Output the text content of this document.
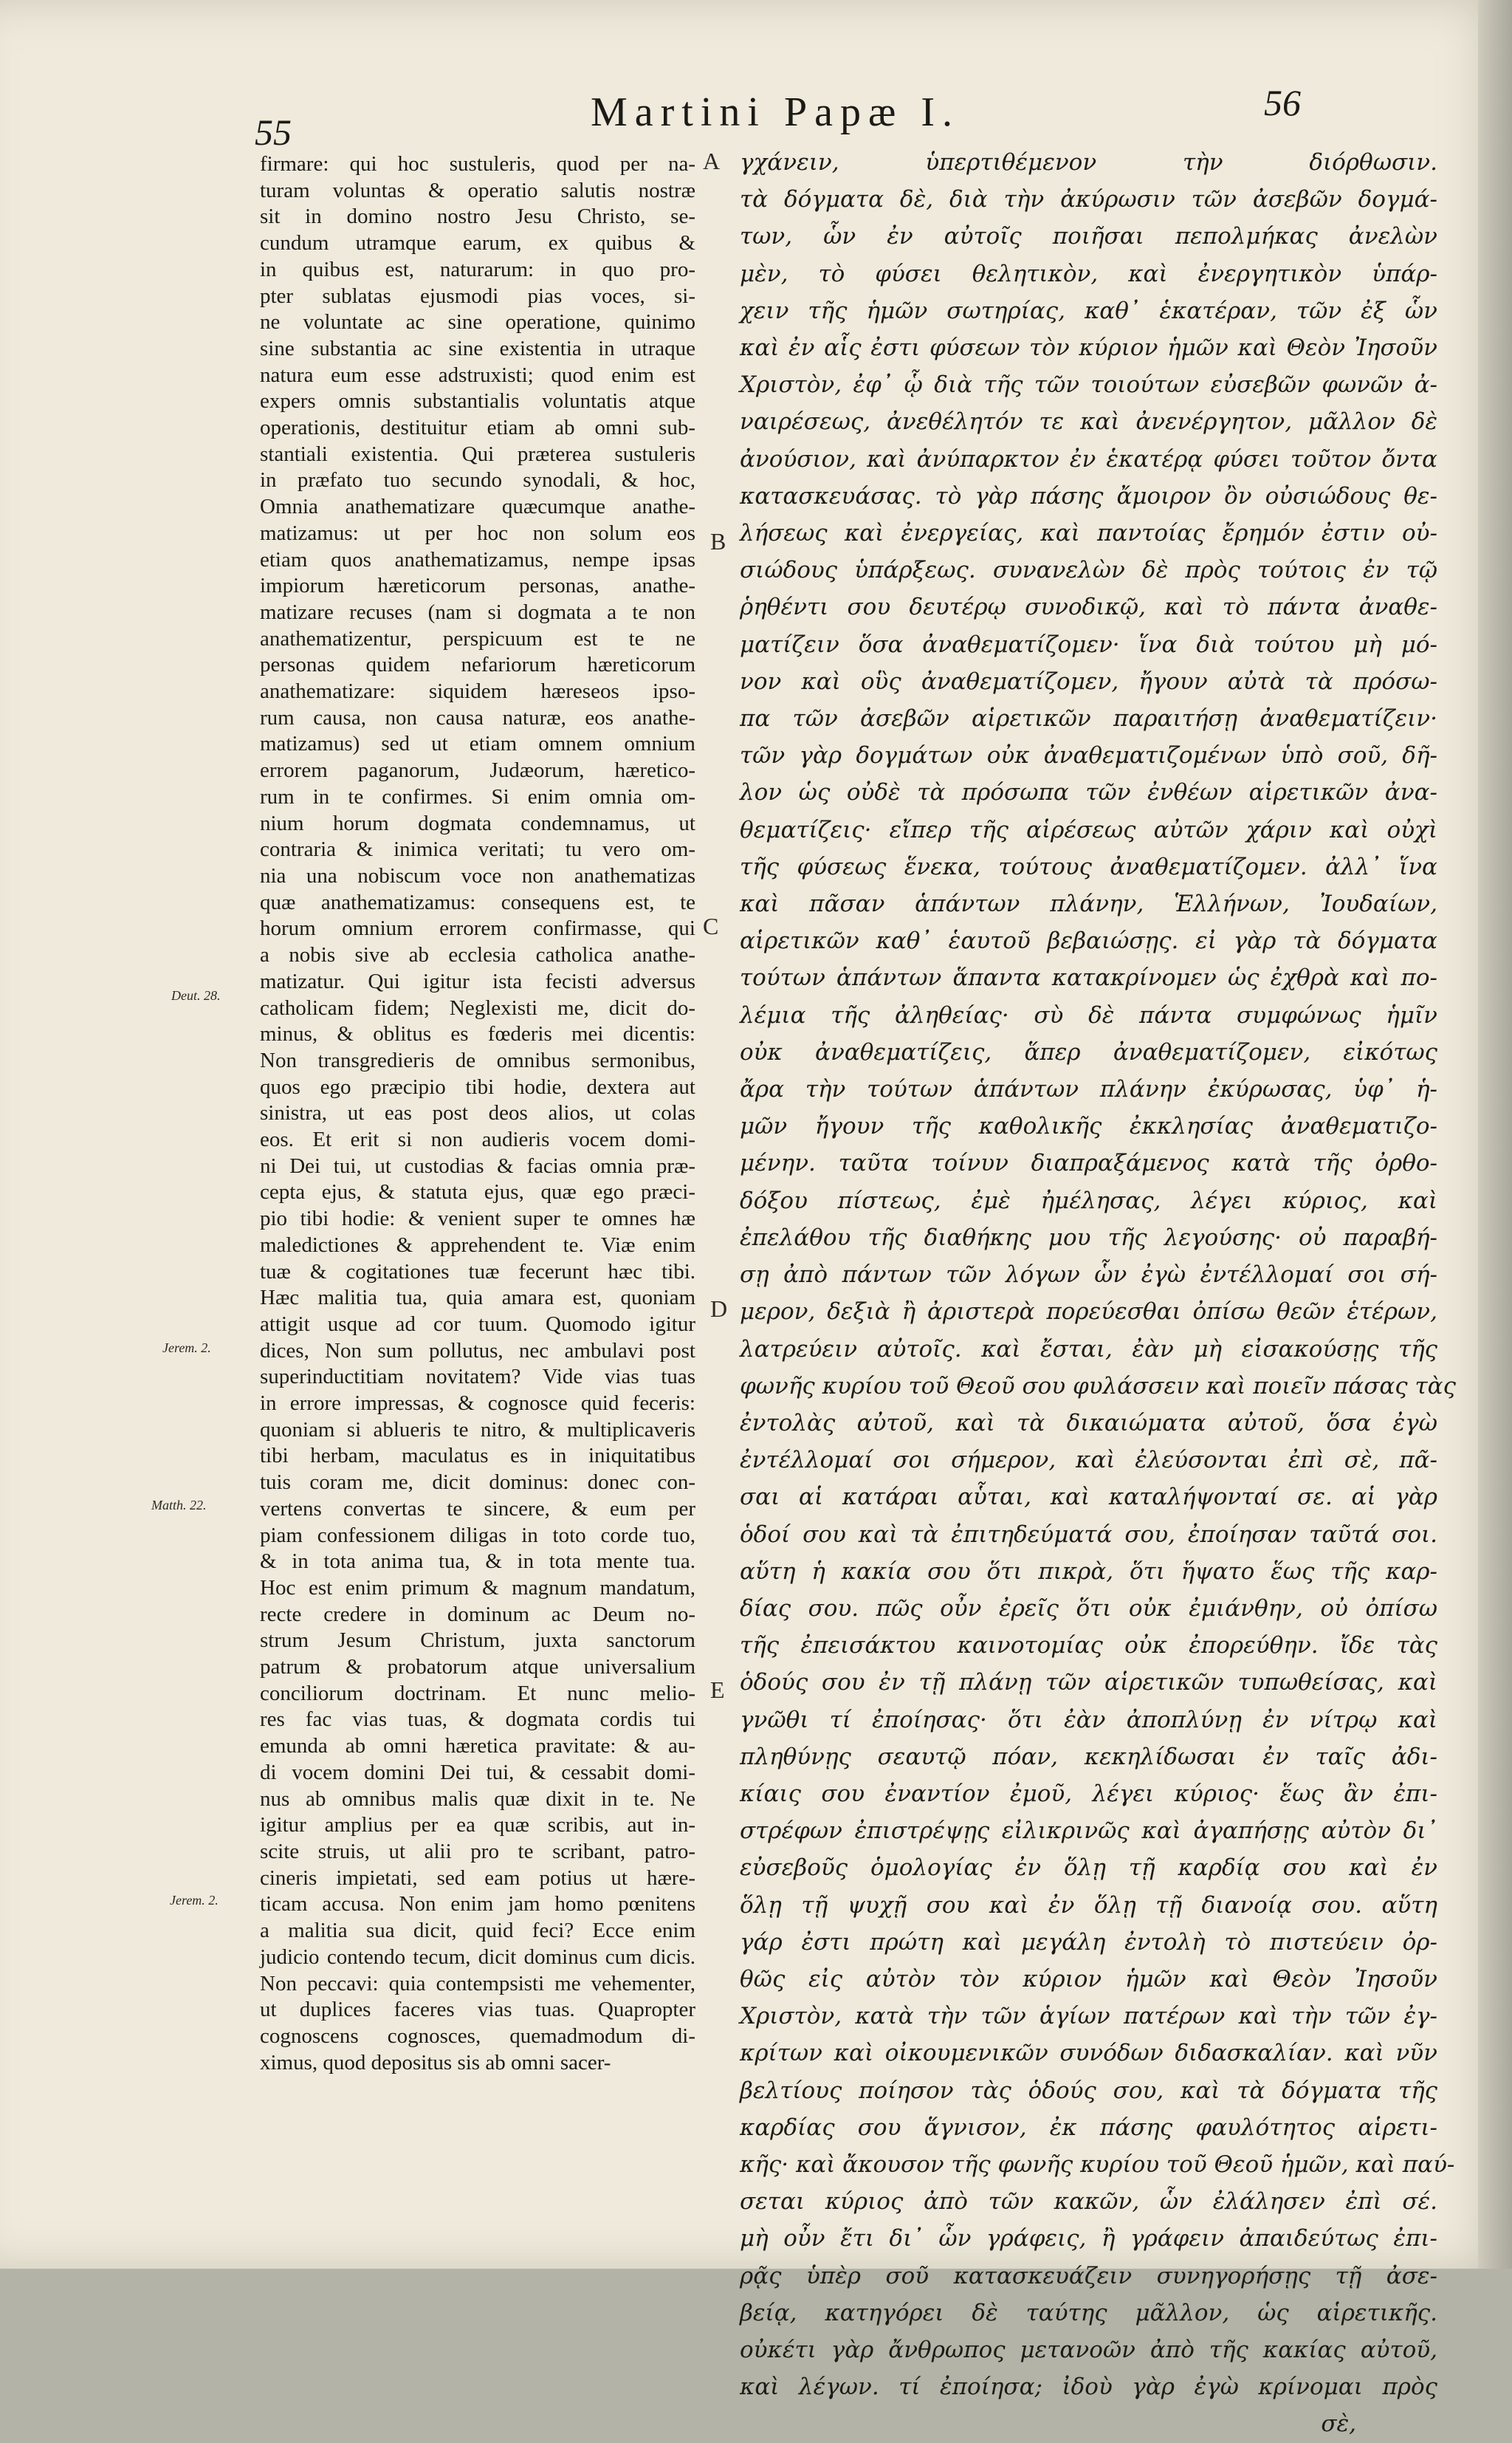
55	Martini Papæ I.	56
firmare: qui hoc sustuleris, quod per na-
turam voluntas & operatio salutis nostræ
sit in domino nostro Jesu Christo, se-
cundum utramque earum, ex quibus &
in quibus est, naturarum: in quo pro-
pter sublatas ejusmodi pias voces, si-
ne voluntate ac sine operatione, quinimo
sine substantia ac sine existentia in utraque
natura eum esse adstruxisti; quod enim est
expers omnis substantialis voluntatis atque
operationis, destituitur etiam ab omni sub-
stantiali existentia. Qui præterea sustuleris
in præfato tuo secundo synodali, & hoc,
Omnia anathematizare quæcumque anathe-
matizamus: ut per hoc non solum eos
etiam quos anathematizamus, nempe ipsas
impiorum hæreticorum personas, anathe-
matizare recuses (nam si dogmata a te non
anathematizentur, perspicuum est te ne
personas quidem nefariorum hæreticorum
anathematizare: siquidem hæreseos ipso-
rum causa, non causa naturæ, eos anathe-
matizamus) sed ut etiam omnem omnium
errorem paganorum, Judæorum, hæretico-
rum in te confirmes. Si enim omnia om-
nium horum dogmata condemnamus, ut
contraria & inimica veritati; tu vero om-
nia una nobiscum voce non anathematizas
quæ anathematizamus: consequens est, te
horum omnium errorem confirmasse, qui
a nobis sive ab ecclesia catholica anathe-
matizatur. Qui igitur ista fecisti adversus
catholicam fidem; Neglexisti me, dicit do-
minus, & oblitus es fœderis mei dicentis:
Non transgredieris de omnibus sermonibus,
quos ego præcipio tibi hodie, dextera aut
sinistra, ut eas post deos alios, ut colas
eos. Et erit si non audieris vocem domi-
ni Dei tui, ut custodias & facias omnia præ-
cepta ejus, & statuta ejus, quæ ego præci-
pio tibi hodie: & venient super te omnes hæ
maledictiones & apprehendent te. Viæ enim
tuæ & cogitationes tuæ fecerunt hæc tibi.
Hæc malitia tua, quia amara est, quoniam
attigit usque ad cor tuum. Quomodo igitur
dices, Non sum pollutus, nec ambulavi post
superinductitiam novitatem? Vide vias tuas
in errore impressas, & cognosce quid feceris:
quoniam si ablueris te nitro, & multiplicaveris
tibi herbam, maculatus es in iniquitatibus
tuis coram me, dicit dominus: donec con-
vertens convertas te sincere, & eum per
piam confessionem diligas in toto corde tuo,
& in tota anima tua, & in tota mente tua.
Hoc est enim primum & magnum mandatum,
recte credere in dominum ac Deum no-
strum Jesum Christum, juxta sanctorum
patrum & probatorum atque universalium
conciliorum doctrinam. Et nunc melio-
res fac vias tuas, & dogmata cordis tui
emunda ab omni hæretica pravitate: & au-
di vocem domini Dei tui, & cessabit domi-
nus ab omnibus malis quæ dixit in te. Ne
igitur amplius per ea quæ scribis, aut in-
scite struis, ut alii pro te scribant, patro-
cineris impietati, sed eam potius ut hære-
ticam accusa. Non enim jam homo pœnitens
a malitia sua dicit, quid feci? Ecce enim
judicio contendo tecum, dicit dominus cum dicis.
Non peccavi: quia contempsisti me vehementer,
ut duplices faceres vias tuas. Quapropter
cognoscens cognosces, quemadmodum di-
ximus, quod depositus sis ab omni sacer-
γχάνειν, ὑπερτιθέμενον τὴν διόρθωσιν.
τὰ δόγματα δὲ, διὰ τὴν ἀκύρωσιν τῶν ἀσεβῶν δογμά-
των, ὧν ἐν αὐτοῖς ποιῆσαι πεπολμήκας ἀνελὼν
μὲν, τὸ φύσει θελητικὸν, καὶ ἐνεργητικὸν ὑπάρ-
χειν τῆς ἡμῶν σωτηρίας, καθ᾽ ἑκατέραν, τῶν ἐξ ὧν
καὶ ἐν αἷς ἐστι φύσεων τὸν κύριον ἡμῶν καὶ Θεὸν Ἰησοῦν
Χριστὸν, ἐφ᾽ ᾧ διὰ τῆς τῶν τοιούτων εὐσεβῶν φωνῶν ἀ-
ναιρέσεως, ἀνεθέλητόν τε καὶ ἀνενέργητον, μᾶλλον δὲ
ἀνούσιον, καὶ ἀνύπαρκτον ἐν ἑκατέρᾳ φύσει τοῦτον ὄντα
κατασκευάσας. τὸ γὰρ πάσης ἄμοιρον ὂν οὐσιώδους θε-
λήσεως καὶ ἐνεργείας, καὶ παντοίας ἔρημόν ἐστιν οὐ-
σιώδους ὑπάρξεως. συνανελὼν δὲ πρὸς τούτοις ἐν τῷ
ῥηθέντι σου δευτέρῳ συνοδικῷ, καὶ τὸ πάντα ἀναθε-
ματίζειν ὅσα ἀναθεματίζομεν· ἵνα διὰ τούτου μὴ μό-
νον καὶ οὓς ἀναθεματίζομεν, ἤγουν αὐτὰ τὰ πρόσω-
πα τῶν ἀσεβῶν αἱρετικῶν παραιτήσῃ ἀναθεματίζειν·
τῶν γὰρ δογμάτων οὐκ ἀναθεματιζομένων ὑπὸ σοῦ, δῆ-
λον ὡς οὐδὲ τὰ πρόσωπα τῶν ἐνθέων αἱρετικῶν ἀνα-
θεματίζεις· εἴπερ τῆς αἱρέσεως αὐτῶν χάριν καὶ οὐχὶ
τῆς φύσεως ἕνεκα, τούτους ἀναθεματίζομεν. ἀλλ᾽ ἵνα
καὶ πᾶσαν ἁπάντων πλάνην, Ἑλλήνων, Ἰουδαίων,
αἱρετικῶν καθ᾽ ἑαυτοῦ βεβαιώσῃς. εἰ γὰρ τὰ δόγματα
τούτων ἁπάντων ἅπαντα κατακρίνομεν ὡς ἐχθρὰ καὶ πο-
λέμια τῆς ἀληθείας· σὺ δὲ πάντα συμφώνως ἡμῖν
οὐκ ἀναθεματίζεις, ἅπερ ἀναθεματίζομεν, εἰκότως
ἄρα τὴν τούτων ἁπάντων πλάνην ἐκύρωσας, ὑφ᾽ ἡ-
μῶν ἤγουν τῆς καθολικῆς ἐκκλησίας ἀναθεματιζο-
μένην. ταῦτα τοίνυν διαπραξάμενος κατὰ τῆς ὀρθο-
δόξου πίστεως, ἐμὲ ἠμέλησας, λέγει κύριος, καὶ
ἐπελάθου τῆς διαθήκης μου τῆς λεγούσης· οὐ παραβή-
σῃ ἀπὸ πάντων τῶν λόγων ὧν ἐγὼ ἐντέλλομαί σοι σή-
μερον, δεξιὰ ἢ ἀριστερὰ πορεύεσθαι ὀπίσω θεῶν ἑτέρων,
λατρεύειν αὐτοῖς. καὶ ἔσται, ἐὰν μὴ εἰσακούσῃς τῆς
φωνῆς κυρίου τοῦ Θεοῦ σου φυλάσσειν καὶ ποιεῖν πάσας τὰς
ἐντολὰς αὐτοῦ, καὶ τὰ δικαιώματα αὐτοῦ, ὅσα ἐγὼ
ἐντέλλομαί σοι σήμερον, καὶ ἐλεύσονται ἐπὶ σὲ, πᾶ-
σαι αἱ κατάραι αὗται, καὶ καταλήψονταί σε. αἱ γὰρ
ὁδοί σου καὶ τὰ ἐπιτηδεύματά σου, ἐποίησαν ταῦτά σοι.
αὕτη ἡ κακία σου ὅτι πικρὰ, ὅτι ἥψατο ἕως τῆς καρ-
δίας σου. πῶς οὖν ἐρεῖς ὅτι οὐκ ἐμιάνθην, οὐ ὀπίσω
τῆς ἐπεισάκτου καινοτομίας οὐκ ἐπορεύθην. ἴδε τὰς
ὁδούς σου ἐν τῇ πλάνῃ τῶν αἱρετικῶν τυπωθείσας, καὶ
γνῶθι τί ἐποίησας· ὅτι ἐὰν ἀποπλύνῃ ἐν νίτρῳ καὶ
πληθύνῃς σεαυτῷ πόαν, κεκηλίδωσαι ἐν ταῖς ἀδι-
κίαις σου ἐναντίον ἐμοῦ, λέγει κύριος· ἕως ἂν ἐπι-
στρέφων ἐπιστρέψῃς εἰλικρινῶς καὶ ἀγαπήσῃς αὐτὸν δι᾽
εὐσεβοῦς ὁμολογίας ἐν ὅλῃ τῇ καρδίᾳ σου καὶ ἐν
ὅλῃ τῇ ψυχῇ σου καὶ ἐν ὅλῃ τῇ διανοίᾳ σου. αὕτη
γάρ ἐστι πρώτη καὶ μεγάλη ἐντολὴ τὸ πιστεύειν ὀρ-
θῶς εἰς αὐτὸν τὸν κύριον ἡμῶν καὶ Θεὸν Ἰησοῦν
Χριστὸν, κατὰ τὴν τῶν ἁγίων πατέρων καὶ τὴν τῶν ἐγ-
κρίτων καὶ οἰκουμενικῶν συνόδων διδασκαλίαν. καὶ νῦν
βελτίους ποίησον τὰς ὁδούς σου, καὶ τὰ δόγματα τῆς
καρδίας σου ἅγνισον, ἐκ πάσης φαυλότητος αἱρετι-
κῆς· καὶ ἄκουσον τῆς φωνῆς κυρίου τοῦ Θεοῦ ἡμῶν, καὶ παύ-
σεται κύριος ἀπὸ τῶν κακῶν, ὧν ἐλάλησεν ἐπὶ σέ.
μὴ οὖν ἔτι δι᾽ ὧν γράφεις, ἢ γράφειν ἀπαιδεύτως ἐπι-
ρᾷς ὑπὲρ σοῦ κατασκευάζειν συνηγορήσῃς τῇ ἀσε-
βείᾳ, κατηγόρει δὲ ταύτης μᾶλλον, ὡς αἱρετικῆς.
οὐκέτι γὰρ ἄνθρωπος μετανοῶν ἀπὸ τῆς κακίας αὐτοῦ,
καὶ λέγων. τί ἐποίησα; ἰδοὺ γὰρ ἐγὼ κρίνομαι πρὸς
σὲ,
Deut. 28.
Jerem. 2.
Matth. 22.
Jerem. 2.
A
B
C
D
E
